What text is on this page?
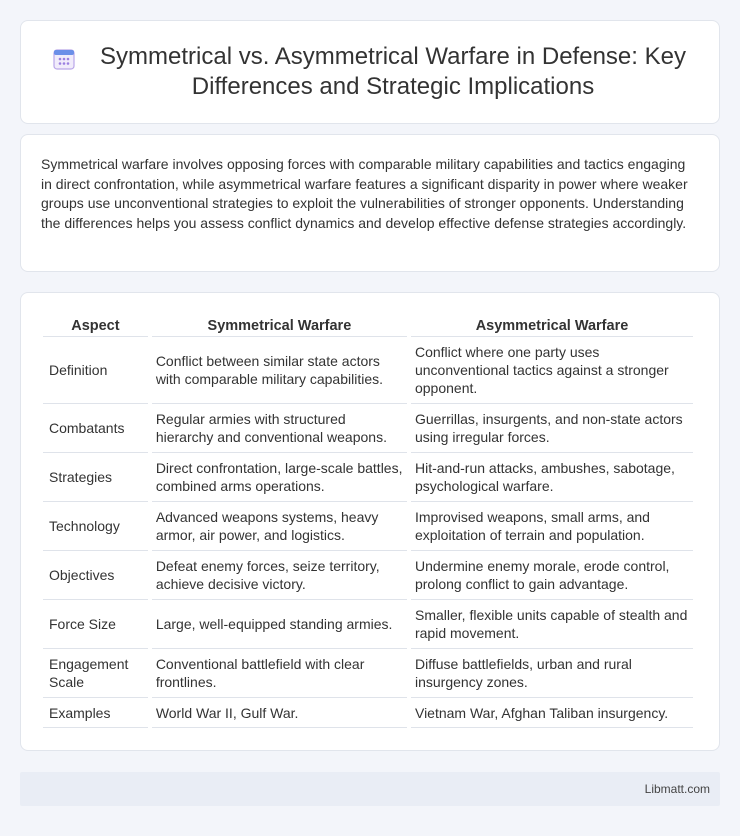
Symmetrical vs. Asymmetrical Warfare in Defense: Key Differences and Strategic Implications

Symmetrical warfare involves opposing forces with comparable military capabilities and tactics engaging in direct confrontation, while asymmetrical warfare features a significant disparity in power where weaker groups use unconventional strategies to exploit the vulnerabilities of stronger opponents. Understanding the differences helps you assess conflict dynamics and develop effective defense strategies accordingly.

Aspect	Symmetrical Warfare	Asymmetrical Warfare
Definition	Conflict between similar state actors with comparable military capabilities.	Conflict where one party uses unconventional tactics against a stronger opponent.
Combatants	Regular armies with structured hierarchy and conventional weapons.	Guerrillas, insurgents, and non-state actors using irregular forces.
Strategies	Direct confrontation, large-scale battles, combined arms operations.	Hit-and-run attacks, ambushes, sabotage, psychological warfare.
Technology	Advanced weapons systems, heavy armor, air power, and logistics.	Improvised weapons, small arms, and exploitation of terrain and population.
Objectives	Defeat enemy forces, seize territory, achieve decisive victory.	Undermine enemy morale, erode control, prolong conflict to gain advantage.
Force Size	Large, well-equipped standing armies.	Smaller, flexible units capable of stealth and rapid movement.
Engagement Scale	Conventional battlefield with clear frontlines.	Diffuse battlefields, urban and rural insurgency zones.
Examples	World War II, Gulf War.	Vietnam War, Afghan Taliban insurgency.
Libmatt.com
